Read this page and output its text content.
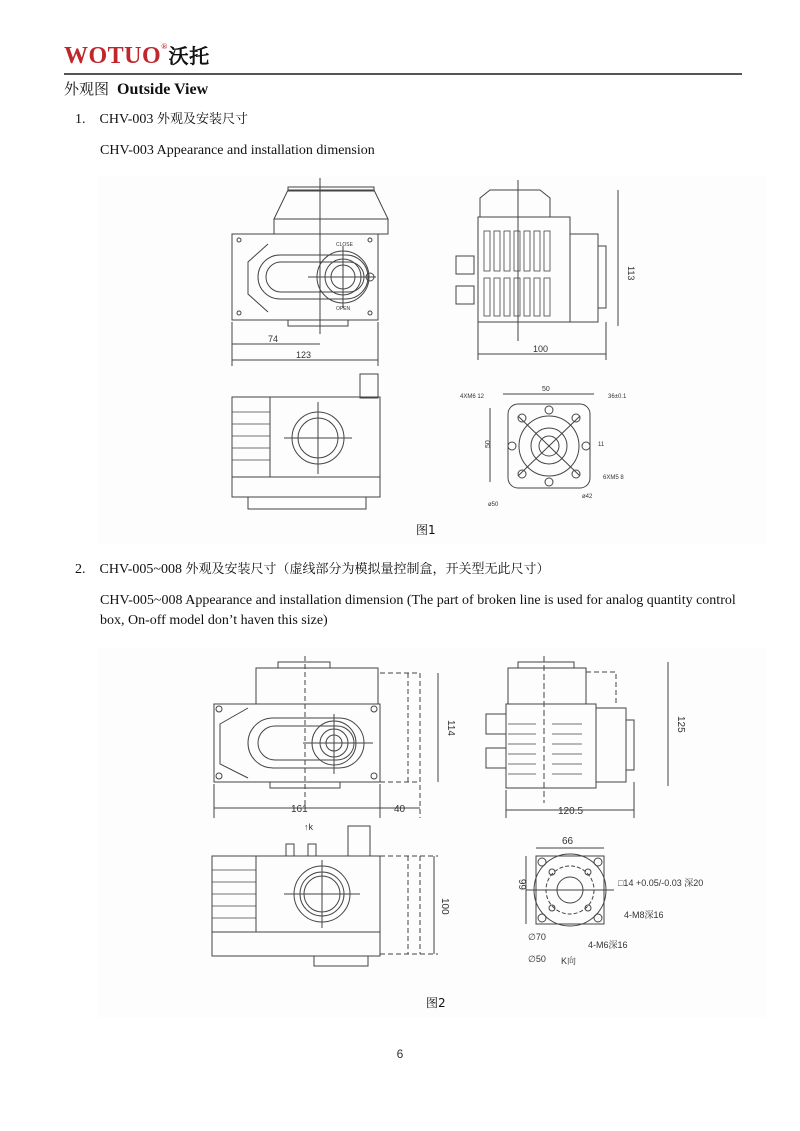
WOTUO®沃托
外观图 Outside View
1. CHV-003 外观及安装尺寸
CHV-003 Appearance and installation dimension
CLOSE
OPEN
74
123
100
113
50
50
4XM6 12	36±0.1
6XM5 8
ø50
ø42
11
图1
2. CHV-005~008 外观及安装尺寸（虚线部分为模拟量控制盒，开关型无此尺寸）
CHV-005~008 Appearance and installation dimension (The part of broken line is used for analog quantity control box, On-off model don’t haven this size)
114
161	40
↑k
120.5
125
100
66
66	□14 +0.05/-0.03 深20
4-M8深16
4-M6深16
∅70
∅50 K向
图2
6
